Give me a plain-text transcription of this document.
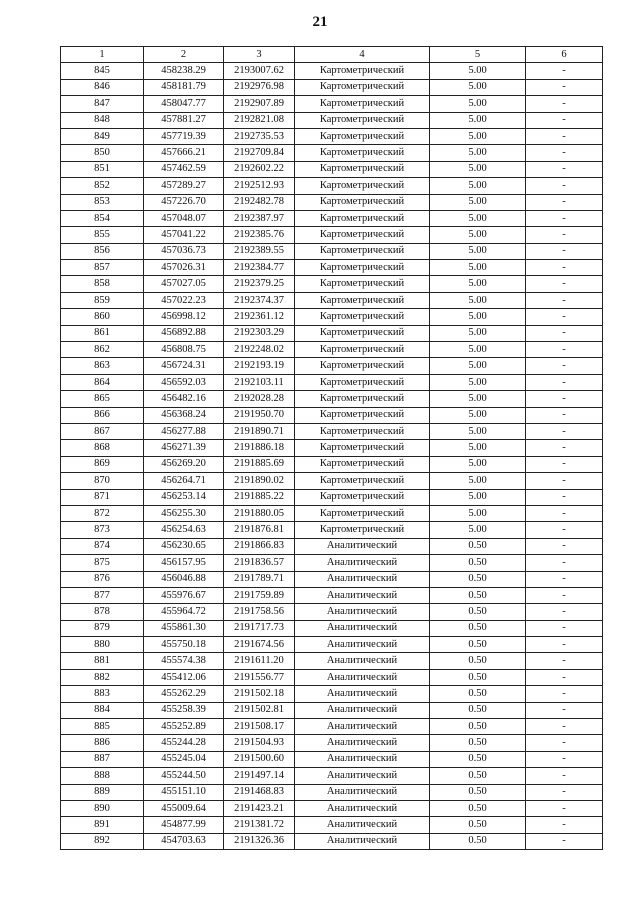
21
1	2	3	4	5	6
845	458238.29	2193007.62	Картометрический	5.00	-
846	458181.79	2192976.98	Картометрический	5.00	-
847	458047.77	2192907.89	Картометрический	5.00	-
848	457881.27	2192821.08	Картометрический	5.00	-
849	457719.39	2192735.53	Картометрический	5.00	-
850	457666.21	2192709.84	Картометрический	5.00	-
851	457462.59	2192602.22	Картометрический	5.00	-
852	457289.27	2192512.93	Картометрический	5.00	-
853	457226.70	2192482.78	Картометрический	5.00	-
854	457048.07	2192387.97	Картометрический	5.00	-
855	457041.22	2192385.76	Картометрический	5.00	-
856	457036.73	2192389.55	Картометрический	5.00	-
857	457026.31	2192384.77	Картометрический	5.00	-
858	457027.05	2192379.25	Картометрический	5.00	-
859	457022.23	2192374.37	Картометрический	5.00	-
860	456998.12	2192361.12	Картометрический	5.00	-
861	456892.88	2192303.29	Картометрический	5.00	-
862	456808.75	2192248.02	Картометрический	5.00	-
863	456724.31	2192193.19	Картометрический	5.00	-
864	456592.03	2192103.11	Картометрический	5.00	-
865	456482.16	2192028.28	Картометрический	5.00	-
866	456368.24	2191950.70	Картометрический	5.00	-
867	456277.88	2191890.71	Картометрический	5.00	-
868	456271.39	2191886.18	Картометрический	5.00	-
869	456269.20	2191885.69	Картометрический	5.00	-
870	456264.71	2191890.02	Картометрический	5.00	-
871	456253.14	2191885.22	Картометрический	5.00	-
872	456255.30	2191880.05	Картометрический	5.00	-
873	456254.63	2191876.81	Картометрический	5.00	-
874	456230.65	2191866.83	Аналитический	0.50	-
875	456157.95	2191836.57	Аналитический	0.50	-
876	456046.88	2191789.71	Аналитический	0.50	-
877	455976.67	2191759.89	Аналитический	0.50	-
878	455964.72	2191758.56	Аналитический	0.50	-
879	455861.30	2191717.73	Аналитический	0.50	-
880	455750.18	2191674.56	Аналитический	0.50	-
881	455574.38	2191611.20	Аналитический	0.50	-
882	455412.06	2191556.77	Аналитический	0.50	-
883	455262.29	2191502.18	Аналитический	0.50	-
884	455258.39	2191502.81	Аналитический	0.50	-
885	455252.89	2191508.17	Аналитический	0.50	-
886	455244.28	2191504.93	Аналитический	0.50	-
887	455245.04	2191500.60	Аналитический	0.50	-
888	455244.50	2191497.14	Аналитический	0.50	-
889	455151.10	2191468.83	Аналитический	0.50	-
890	455009.64	2191423.21	Аналитический	0.50	-
891	454877.99	2191381.72	Аналитический	0.50	-
892	454703.63	2191326.36	Аналитический	0.50	-
